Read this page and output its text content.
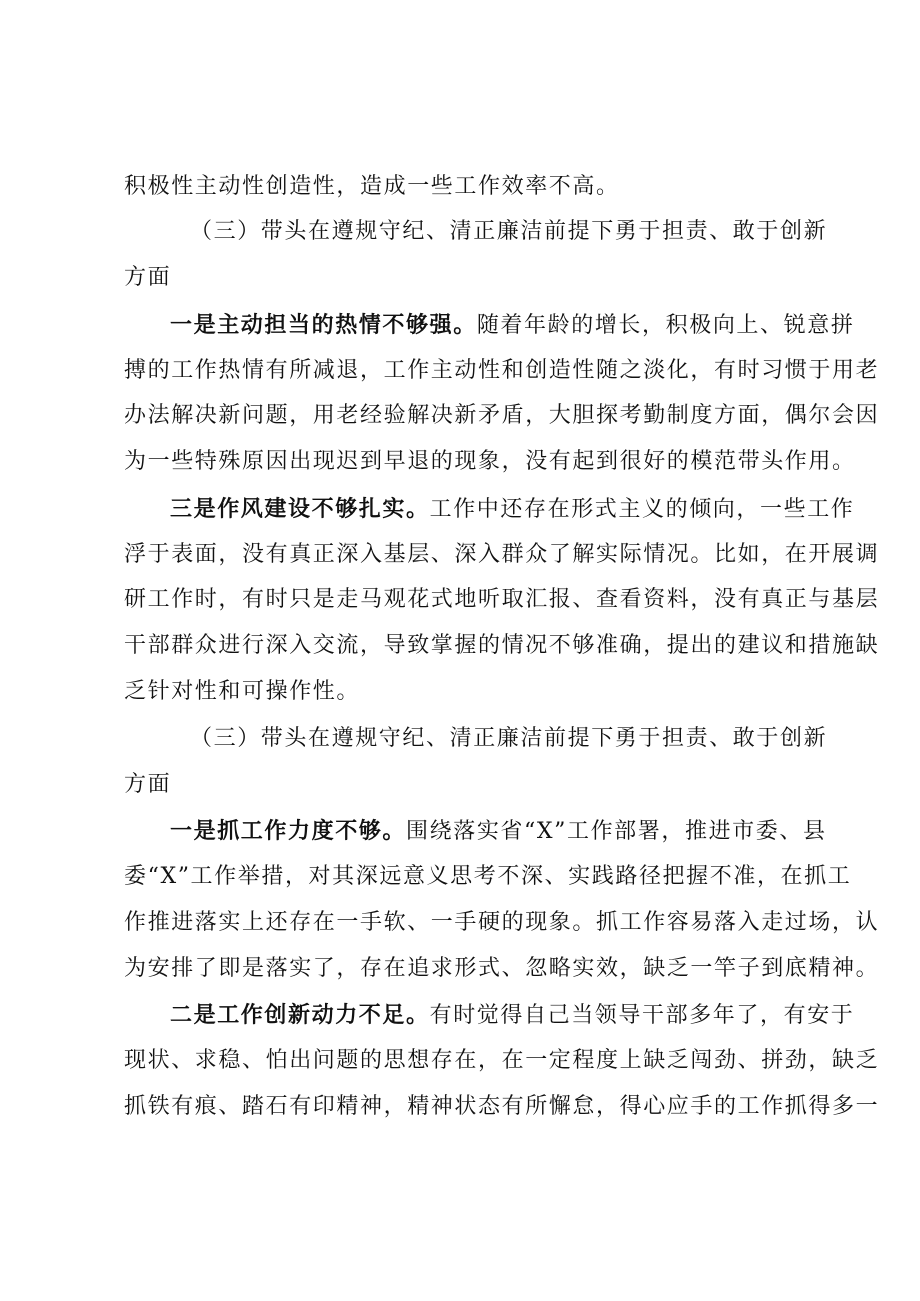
积极性主动性创造性，造成一些工作效率不高。
（三）带头在遵规守纪、清正廉洁前提下勇于担责、敢于创新
方面
一是主动担当的热情不够强。随着年龄的增长，积极向上、锐意拼
搏的工作热情有所减退，工作主动性和创造性随之淡化，有时习惯于用老
办法解决新问题，用老经验解决新矛盾，大胆探考勤制度方面，偶尔会因
为一些特殊原因出现迟到早退的现象，没有起到很好的模范带头作用。
三是作风建设不够扎实。工作中还存在形式主义的倾向，一些工作
浮于表面，没有真正深入基层、深入群众了解实际情况。比如，在开展调
研工作时，有时只是走马观花式地听取汇报、查看资料，没有真正与基层
干部群众进行深入交流，导致掌握的情况不够准确，提出的建议和措施缺
乏针对性和可操作性。
（三）带头在遵规守纪、清正廉洁前提下勇于担责、敢于创新
方面
一是抓工作力度不够。围绕落实省“X”工作部署，推进市委、县
委“X”工作举措，对其深远意义思考不深、实践路径把握不准，在抓工
作推进落实上还存在一手软、一手硬的现象。抓工作容易落入走过场，认
为安排了即是落实了，存在追求形式、忽略实效，缺乏一竿子到底精神。
二是工作创新动力不足。有时觉得自己当领导干部多年了，有安于
现状、求稳、怕出问题的思想存在，在一定程度上缺乏闯劲、拼劲，缺乏
抓铁有痕、踏石有印精神，精神状态有所懈怠，得心应手的工作抓得多一
